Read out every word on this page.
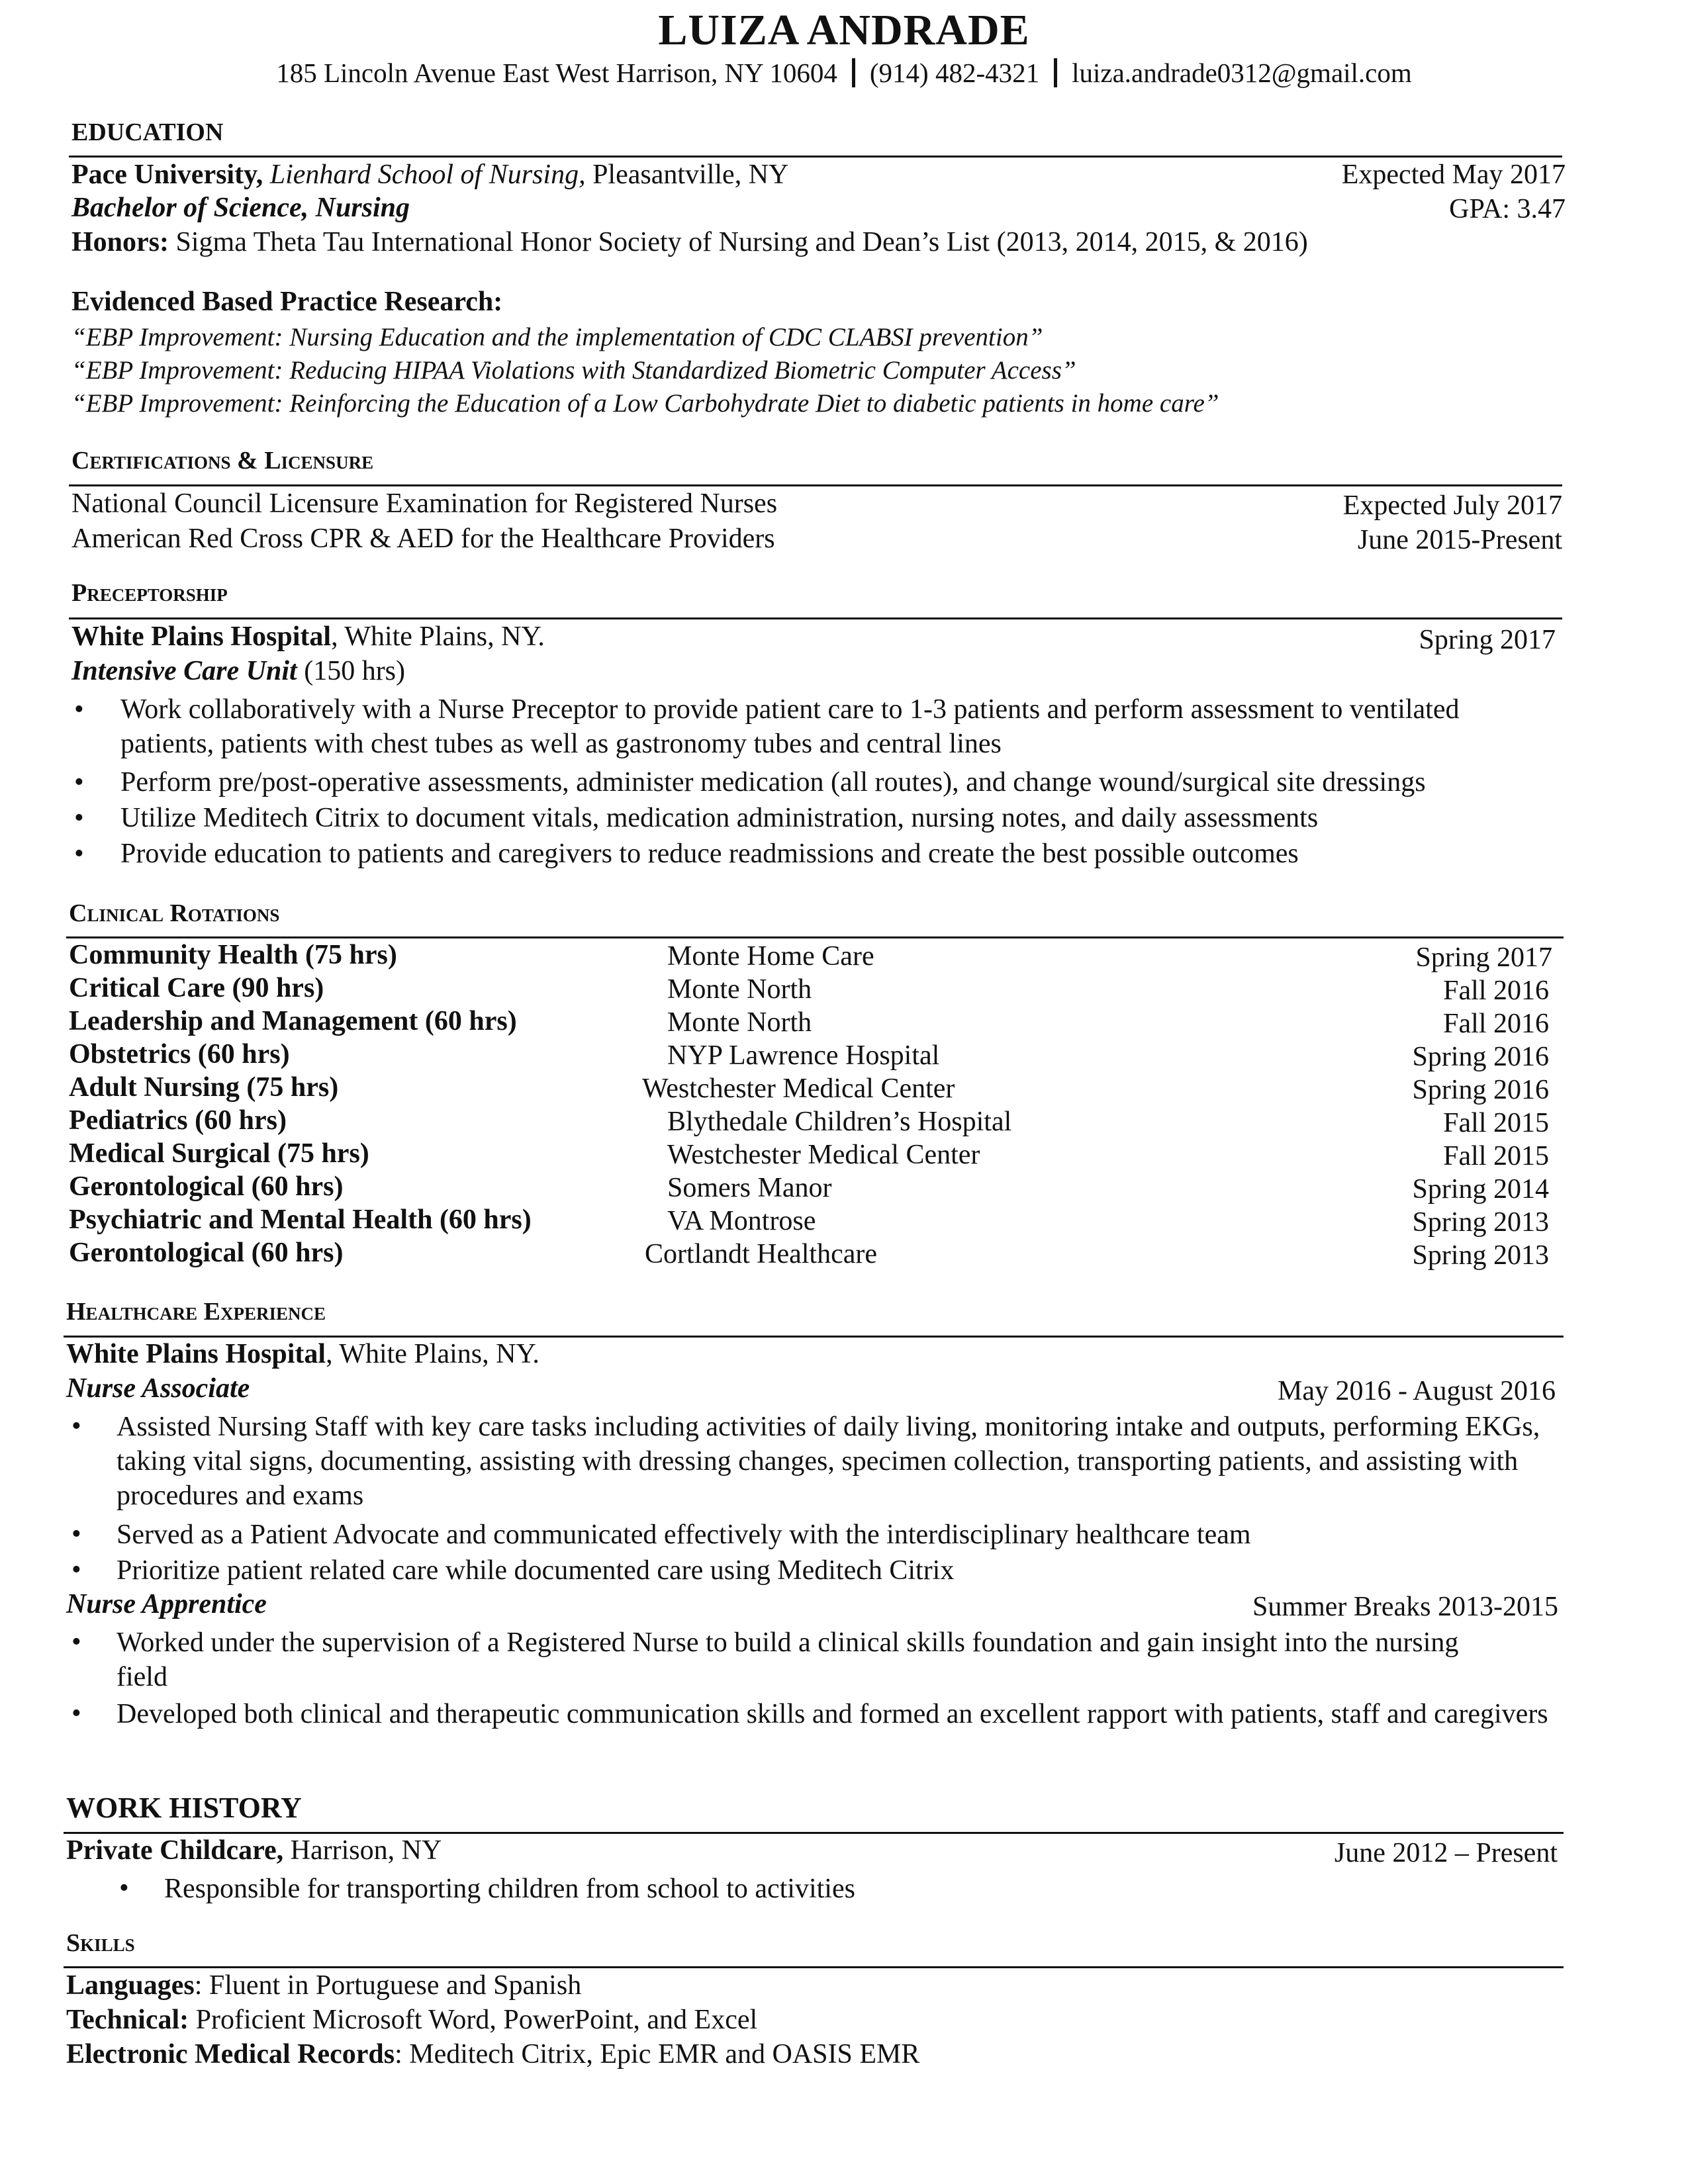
LUIZA ANDRADE
185 Lincoln Avenue East West Harrison, NY 10604 (914) 482-4321 luiza.andrade0312@gmail.com
EDUCATION
Pace University, Lienhard School of Nursing, Pleasantville, NY	Expected May 2017
Bachelor of Science, Nursing	GPA: 3.47
Honors: Sigma Theta Tau International Honor Society of Nursing and Dean’s List (2013, 2014, 2015, & 2016)
Evidenced Based Practice Research:
“EBP Improvement: Nursing Education and the implementation of CDC CLABSI prevention”
“EBP Improvement: Reducing HIPAA Violations with Standardized Biometric Computer Access”
“EBP Improvement: Reinforcing the Education of a Low Carbohydrate Diet to diabetic patients in home care”
Certifications & Licensure
National Council Licensure Examination for Registered Nurses	Expected July 2017
American Red Cross CPR & AED for the Healthcare Providers	June 2015-Present
Preceptorship
White Plains Hospital, White Plains, NY.	Spring 2017
Intensive Care Unit (150 hrs)
• Work collaboratively with a Nurse Preceptor to provide patient care to 1-3 patients and perform assessment to ventilated patients, patients with chest tubes as well as gastronomy tubes and central lines
• Perform pre/post-operative assessments, administer medication (all routes), and change wound/surgical site dressings
• Utilize Meditech Citrix to document vitals, medication administration, nursing notes, and daily assessments
• Provide education to patients and caregivers to reduce readmissions and create the best possible outcomes
Clinical Rotations
Community Health (75 hrs)	Monte Home Care	Spring 2017
Critical Care (90 hrs)	Monte North	Fall 2016
Leadership and Management (60 hrs)	Monte North	Fall 2016
Obstetrics (60 hrs)	NYP Lawrence Hospital	Spring 2016
Adult Nursing (75 hrs)	Westchester Medical Center	Spring 2016
Pediatrics (60 hrs)	Blythedale Children’s Hospital	Fall 2015
Medical Surgical (75 hrs)	Westchester Medical Center	Fall 2015
Gerontological (60 hrs)	Somers Manor	Spring 2014
Psychiatric and Mental Health (60 hrs)	VA Montrose	Spring 2013
Gerontological (60 hrs)	Cortlandt Healthcare	Spring 2013
Healthcare Experience
White Plains Hospital, White Plains, NY.
Nurse Associate	May 2016 - August 2016
• Assisted Nursing Staff with key care tasks including activities of daily living, monitoring intake and outputs, performing EKGs, taking vital signs, documenting, assisting with dressing changes, specimen collection, transporting patients, and assisting with procedures and exams
• Served as a Patient Advocate and communicated effectively with the interdisciplinary healthcare team
• Prioritize patient related care while documented care using Meditech Citrix
Nurse Apprentice	Summer Breaks 2013-2015
• Worked under the supervision of a Registered Nurse to build a clinical skills foundation and gain insight into the nursing field
• Developed both clinical and therapeutic communication skills and formed an excellent rapport with patients, staff and caregivers
WORK HISTORY
Private Childcare, Harrison, NY	June 2012 – Present
• Responsible for transporting children from school to activities
Skills
Languages: Fluent in Portuguese and Spanish
Technical: Proficient Microsoft Word, PowerPoint, and Excel
Electronic Medical Records: Meditech Citrix, Epic EMR and OASIS EMR
